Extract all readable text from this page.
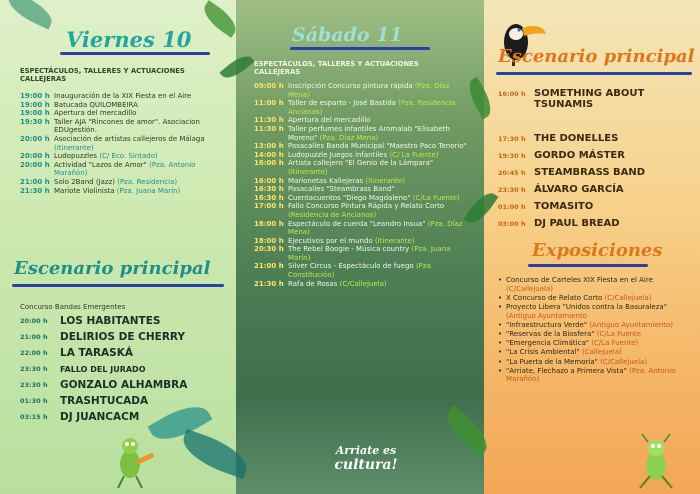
Viernes 10
ESPECTÁCULOS, TALLERES Y ACTUACIONES CALLEJERAS
19:00 h Inauguración de la XIX Fiesta en el Aire
19:00 h Batucada QUILOMBEIRA
19:00 h Apertura del mercadillo
19:30 h Taller AJA "Rincones de amor". Asociacion EDUgestión.
20:00 h Asociación de artistas callejeros de Málaga (Itinerante)
20:00 h Ludopuzzles (C/ Eco. Sintado)
20:00 h Actividad "Lazos de Amor" (Pza. Antonio Marañón)
21:00 h Solo 2Band (Jazz) (Pza. Residencia)
21:30 h Mariote Violinista (Pza. Juana Marín)
Escenario principal
Concurso Bandas Emergentes
20:00 h	LOS HABITANTES
21:00 h	DELIRIOS DE CHERRY
22:00 h	LA TARASKÁ
23:30 h	FALLO DEL JURADO
23:30 h	GONZALO ALHAMBRA
01:30 h	TRASHTUCADA
03:15 h	DJ JUANCACM
Sábado 11
ESPECTÁCULOS, TALLERES Y ACTUACIONES CALLEJERAS
09:00 h Inscripción Concurso pintura rápida (Pza. Díaz Mena)
11:00 h Taller de esparto - José Bastida (Pza. Residencia Ancianos)
11:30 h Apertura del mercadillo
11:30 h Taller perfumes infantiles Aromalab "Elisabeth Moreno" (Pza. Díaz Mena)
13:00 h Pasacalles Banda Municipal "Maestro Paco Tenorio"
14:00 h Ludopuzzle Juegos infantiles (C/ La Fuente)
16:00 h Artista callejero "El Genio de la Lámpara" (Itinerante)
16:00 h Marionetas Kallejeras (Itinerante)
16:30 h Pasacalles "Steambrass Band"
16:30 h Cuentacuentos "Diego Magdaleno" (C/La Fuente)
17:00 h Fallo Concurso Pintura Rápida y Relato Corto (Residencia de Ancianos)
18:00 h Espectáculo de cuerda "Leandro Insua" (Pza. Díaz Mena)
18:00 h Ejecutivos por el mundo (Itinerante)
20:30 h The Rebel Boogie - Música country (Pza. Juana Marín)
21:00 h Silver Circus - Espectáculo de fuego (Pza. Constitución)
21:30 h Rafa de Rosas (C/Callejuela)
Arriate es
cultura!
Escenario principal
16:00 h SOMETHING ABOUT TSUNAMIS
17:30 h THE DONELLES
19:30 h GORDO MÁSTER
20:45 h STEAMBRASS BAND
23:30 h ÁLVARO GARCÍA
01:00 h TOMASITO
03:00 h DJ PAUL BREAD
Exposiciones
• Concurso de Carteles XIX Fiesta en el Aire (C/Callejuela)
• X Concurso de Relato Corto (C/Callejuela)
• Proyecto Libera "Unidos contra la Basuraleza" (Antiguo Ayuntamiento
• "Infraestructura Verde" (Antiguo Ayuntamiento)
• "Reservas de la Biosfera" (C/La Fuente
• "Emergencia Climática" (C/La Fuente)
• "La Crisis Ambiental" (Callejuela)
• "La Puerta de la Memoria" (C/Callejuela)
• "Arriate, Flechazo a Primera Vista" (Pza. Antonio Marañón)
